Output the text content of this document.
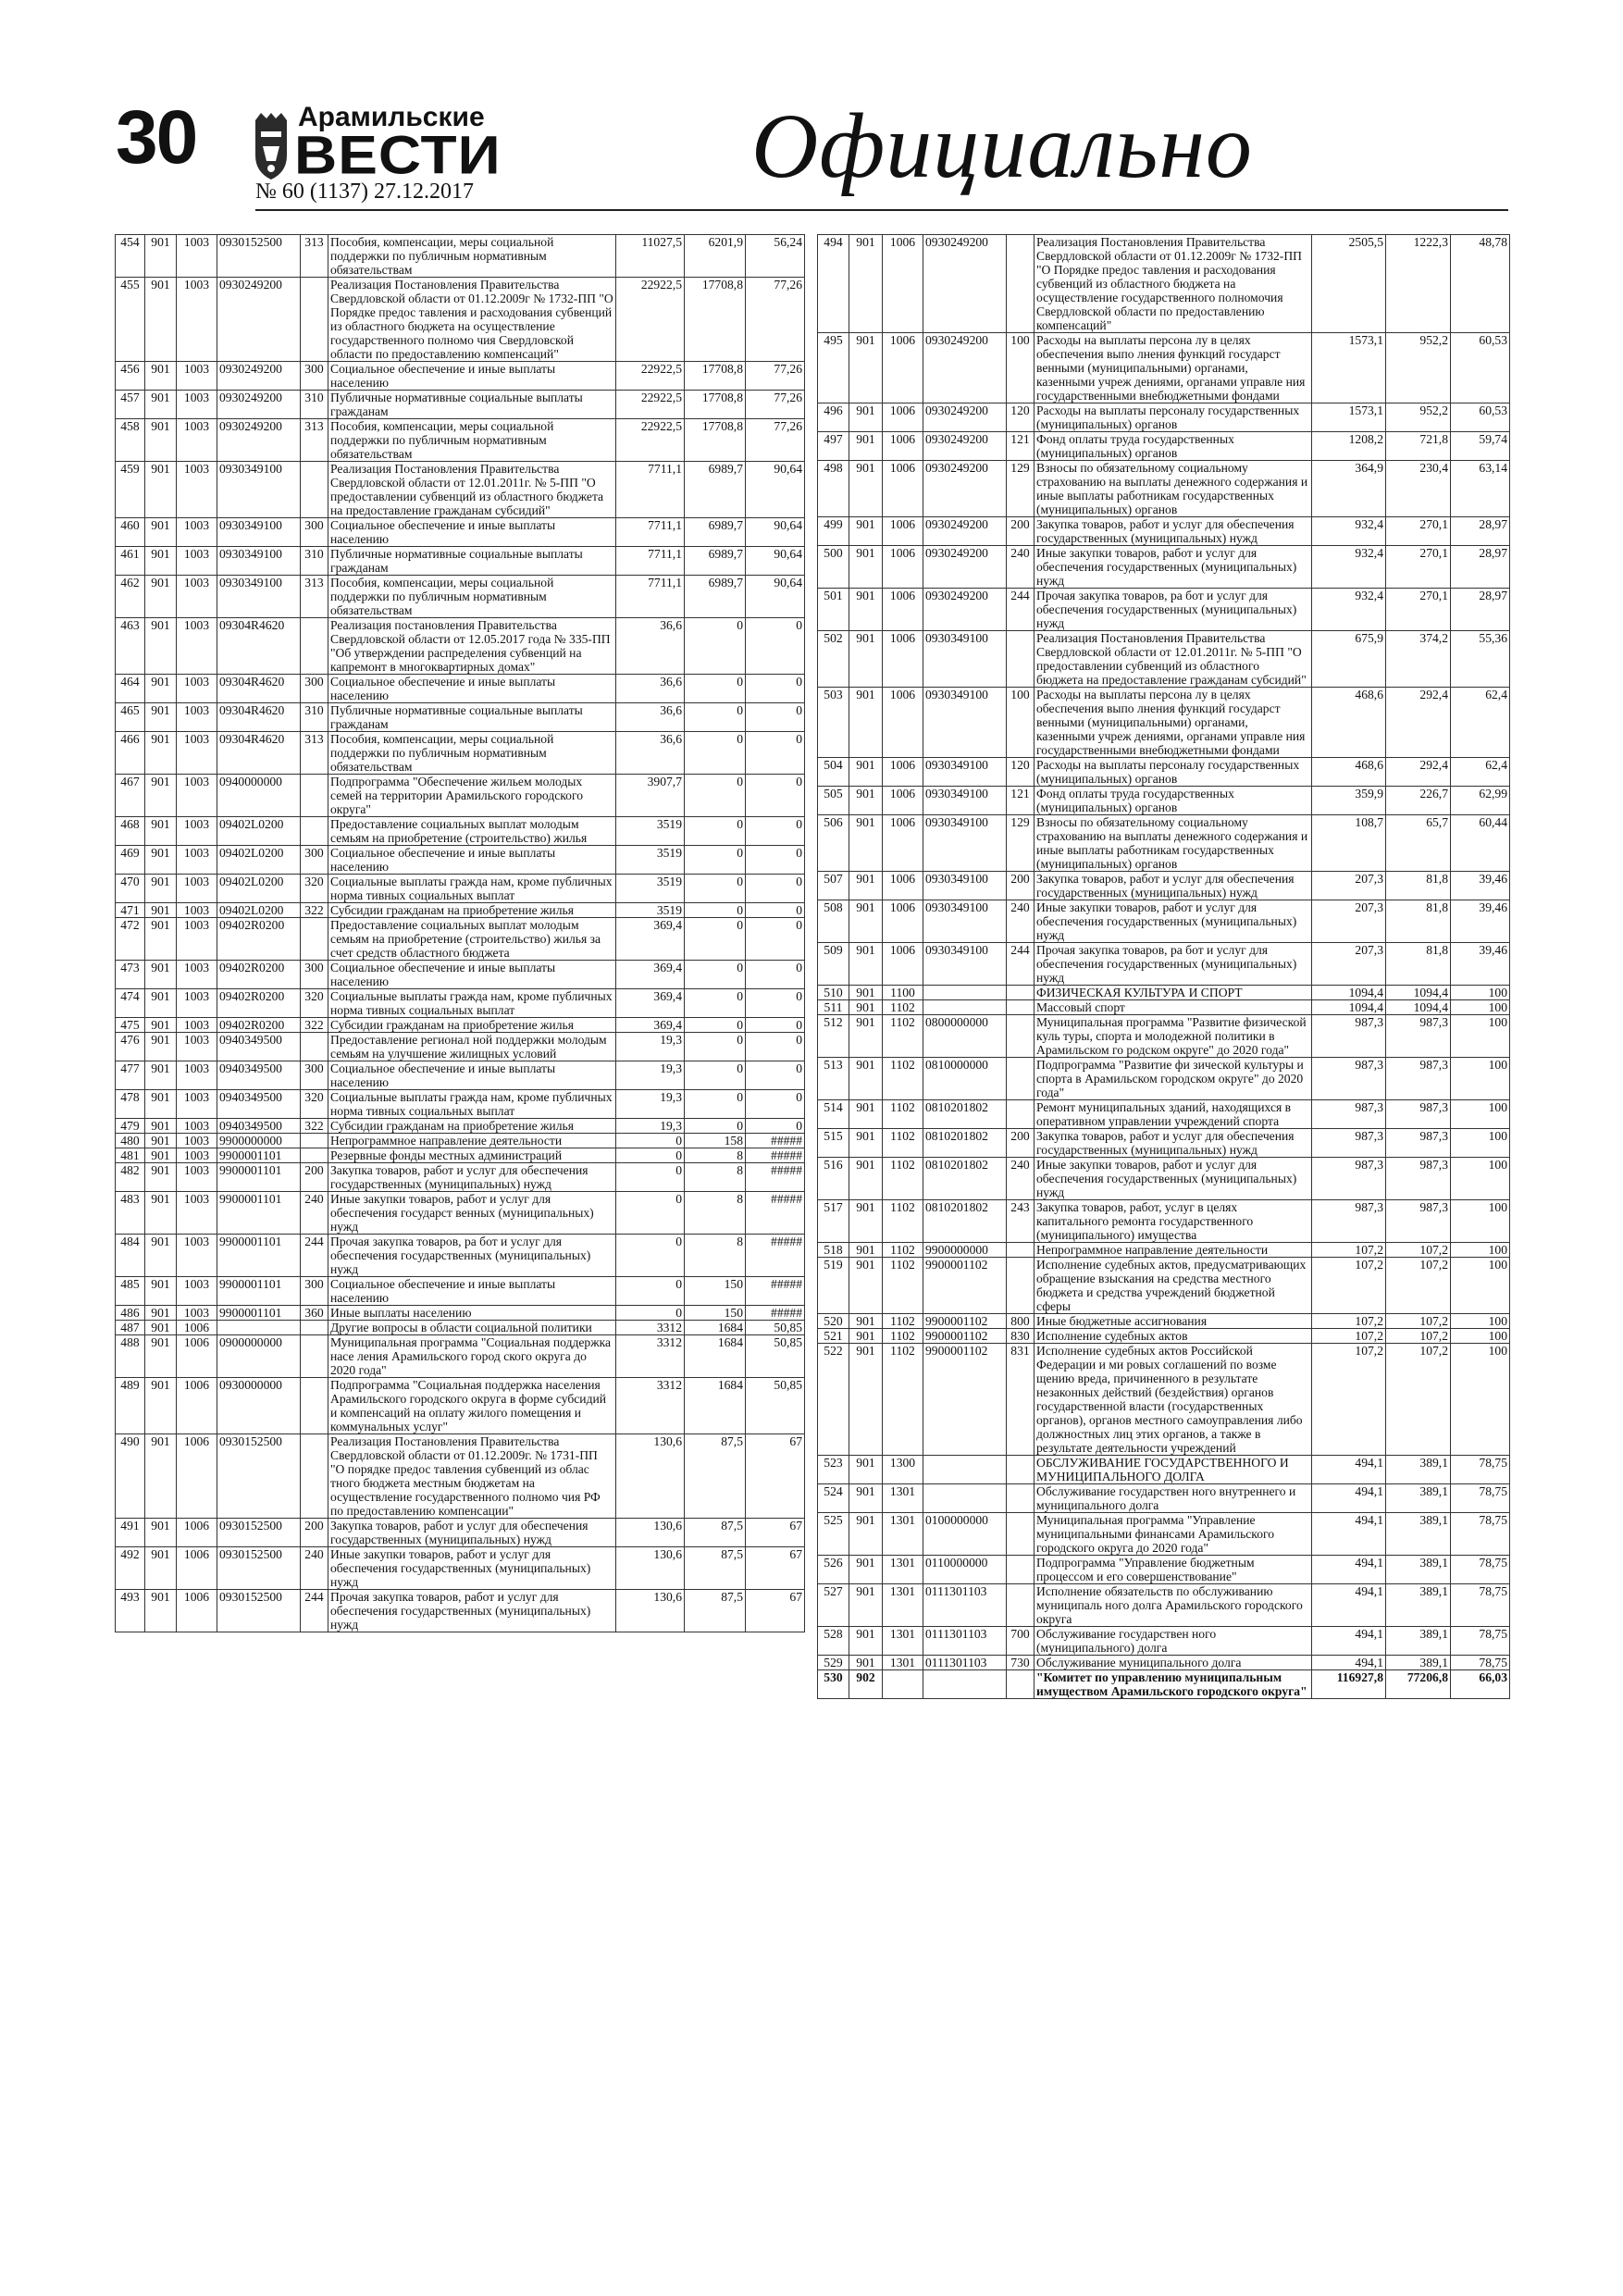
30	Арамильские
ВЕСТИ
№ 60 (1137) 27.12.2017	Официально
454	901	1003	0930152500	313	Пособия, компенсации, меры социальной поддержки по публичным нормативным обязательствам	11027,5	6201,9	56,24
455	901	1003	0930249200		Реализация Постановления Правительства Свердловской области от 01.12.2009г № 1732-ПП "О Порядке предос тавления и расходования субвенций из областного бюджета на осуществление государственного полномо чия Свердловской области по предоставлению компенсаций"	22922,5	17708,8	77,26
456	901	1003	0930249200	300	Социальное обеспечение и иные выплаты населению	22922,5	17708,8	77,26
457	901	1003	0930249200	310	Публичные нормативные социальные выплаты гражданам	22922,5	17708,8	77,26
458	901	1003	0930249200	313	Пособия, компенсации, меры социальной поддержки по публичным нормативным обязательствам	22922,5	17708,8	77,26
459	901	1003	0930349100		Реализация Постановления Правительства Свердловской области от 12.01.2011г. № 5-ПП "О предоставлении субвенций из областного бюджета на предоставление гражданам субсидий"	7711,1	6989,7	90,64
460	901	1003	0930349100	300	Социальное обеспечение и иные выплаты населению	7711,1	6989,7	90,64
461	901	1003	0930349100	310	Публичные нормативные социальные выплаты гражданам	7711,1	6989,7	90,64
462	901	1003	0930349100	313	Пособия, компенсации, меры социальной поддержки по публичным нормативным обязательствам	7711,1	6989,7	90,64
463	901	1003	09304R4620		Реализация постановления Правительства Свердловской области от 12.05.2017 года № 335-ПП "Об утверждении распределения субвенций на капремонт в многоквартирных домах"	36,6	0	0
464	901	1003	09304R4620	300	Социальное обеспечение и иные выплаты населению	36,6	0	0
465	901	1003	09304R4620	310	Публичные нормативные социальные выплаты гражданам	36,6	0	0
466	901	1003	09304R4620	313	Пособия, компенсации, меры социальной поддержки по публичным нормативным обязательствам	36,6	0	0
467	901	1003	0940000000		Подпрограмма "Обеспечение жильем молодых семей на территории Арамильского городского округа"	3907,7	0	0
468	901	1003	09402L0200		Предоставление социальных выплат молодым семьям на приобретение (строительство) жилья	3519	0	0
469	901	1003	09402L0200	300	Социальное обеспечение и иные выплаты населению	3519	0	0
470	901	1003	09402L0200	320	Социальные выплаты гражда нам, кроме публичных норма тивных социальных выплат	3519	0	0
471	901	1003	09402L0200	322	Субсидии гражданам на приобретение жилья	3519	0	0
472	901	1003	09402R0200		Предоставление социальных выплат молодым семьям на приобретение (строительство) жилья за счет средств областного бюджета	369,4	0	0
473	901	1003	09402R0200	300	Социальное обеспечение и иные выплаты населению	369,4	0	0
474	901	1003	09402R0200	320	Социальные выплаты гражда нам, кроме публичных норма тивных социальных выплат	369,4	0	0
475	901	1003	09402R0200	322	Субсидии гражданам на приобретение жилья	369,4	0	0
476	901	1003	0940349500		Предоставление регионал ной поддержки молодым семьям на улучшение жилищных условий	19,3	0	0
477	901	1003	0940349500	300	Социальное обеспечение и иные выплаты населению	19,3	0	0
478	901	1003	0940349500	320	Социальные выплаты гражда нам, кроме публичных норма тивных социальных выплат	19,3	0	0
479	901	1003	0940349500	322	Субсидии гражданам на приобретение жилья	19,3	0	0
480	901	1003	9900000000		Непрограммное направление деятельности	0	158	#####
481	901	1003	9900001101		Резервные фонды местных администраций	0	8	#####
482	901	1003	9900001101	200	Закупка товаров, работ и услуг для обеспечения государственных (муниципальных) нужд	0	8	#####
483	901	1003	9900001101	240	Иные закупки товаров, работ и услуг для обеспечения государст венных (муниципальных) нужд	0	8	#####
484	901	1003	9900001101	244	Прочая закупка товаров, ра бот и услуг для обеспечения государственных (муниципальных) нужд	0	8	#####
485	901	1003	9900001101	300	Социальное обеспечение и иные выплаты населению	0	150	#####
486	901	1003	9900001101	360	Иные выплаты населению	0	150	#####
487	901	1006			Другие вопросы в области социальной политики	3312	1684	50,85
488	901	1006	0900000000		Муниципальная программа "Социальная поддержка насе ления Арамильского город ского округа до 2020 года"	3312	1684	50,85
489	901	1006	0930000000		Подпрограмма "Социальная поддержка населения Арамильского городского округа в форме субсидий и компенсаций на оплату жилого помещения и коммунальных услуг"	3312	1684	50,85
490	901	1006	0930152500		Реализация Постановления Правительства Свердловской области от 01.12.2009г. № 1731-ПП "О порядке предос тавления субвенций из облас тного бюджета местным бюджетам на осуществление государственного полномо чия РФ по предоставлению компенсации"	130,6	87,5	67
491	901	1006	0930152500	200	Закупка товаров, работ и услуг для обеспечения государственных (муниципальных) нужд	130,6	87,5	67
492	901	1006	0930152500	240	Иные закупки товаров, работ и услуг для обеспечения государственных (муниципальных) нужд	130,6	87,5	67
493	901	1006	0930152500	244	Прочая закупка товаров, работ и услуг для обеспечения государственных (муниципальных) нужд	130,6	87,5	67
494	901	1006	0930249200		Реализация Постановления Правительства Свердловской области от 01.12.2009г № 1732-ПП "О Порядке предос тавления и расходования субвенций из областного бюджета на осуществление государственного полномочия Свердловской области по предоставлению компенсаций"	2505,5	1222,3	48,78
495	901	1006	0930249200	100	Расходы на выплаты персона лу в целях обеспечения выпо лнения функций государст венными (муниципальными) органами, казенными учреж дениями, органами управле ния государственными внебюджетными фондами	1573,1	952,2	60,53
496	901	1006	0930249200	120	Расходы на выплаты персоналу государственных (муниципальных) органов	1573,1	952,2	60,53
497	901	1006	0930249200	121	Фонд оплаты труда государственных (муниципальных) органов	1208,2	721,8	59,74
498	901	1006	0930249200	129	Взносы по обязательному социальному страхованию на выплаты денежного содержания и иные выплаты работникам государственных (муниципальных) органов	364,9	230,4	63,14
499	901	1006	0930249200	200	Закупка товаров, работ и услуг для обеспечения государственных (муниципальных) нужд	932,4	270,1	28,97
500	901	1006	0930249200	240	Иные закупки товаров, работ и услуг для обеспечения государственных (муниципальных) нужд	932,4	270,1	28,97
501	901	1006	0930249200	244	Прочая закупка товаров, ра бот и услуг для обеспечения государственных (муниципальных) нужд	932,4	270,1	28,97
502	901	1006	0930349100		Реализация Постановления Правительства Свердловской области от 12.01.2011г. № 5-ПП "О предоставлении субвенций из областного бюджета на предоставление гражданам субсидий"	675,9	374,2	55,36
503	901	1006	0930349100	100	Расходы на выплаты персона лу в целях обеспечения выпо лнения функций государст венными (муниципальными) органами, казенными учреж дениями, органами управле ния государственными внебюджетными фондами	468,6	292,4	62,4
504	901	1006	0930349100	120	Расходы на выплаты персоналу государственных (муниципальных) органов	468,6	292,4	62,4
505	901	1006	0930349100	121	Фонд оплаты труда государственных (муниципальных) органов	359,9	226,7	62,99
506	901	1006	0930349100	129	Взносы по обязательному социальному страхованию на выплаты денежного содержания и иные выплаты работникам государственных (муниципальных) органов	108,7	65,7	60,44
507	901	1006	0930349100	200	Закупка товаров, работ и услуг для обеспечения государственных (муниципальных) нужд	207,3	81,8	39,46
508	901	1006	0930349100	240	Иные закупки товаров, работ и услуг для обеспечения государственных (муниципальных) нужд	207,3	81,8	39,46
509	901	1006	0930349100	244	Прочая закупка товаров, ра бот и услуг для обеспечения государственных (муниципальных) нужд	207,3	81,8	39,46
510	901	1100			ФИЗИЧЕСКАЯ КУЛЬТУРА И СПОРТ	1094,4	1094,4	100
511	901	1102			Массовый спорт	1094,4	1094,4	100
512	901	1102	0800000000		Муниципальная программа "Развитие физической куль туры, спорта и молодежной политики в Арамильском го родском округе" до 2020 года"	987,3	987,3	100
513	901	1102	0810000000		Подпрограмма "Развитие фи зической культуры и спорта в Арамильском городском округе" до 2020 года"	987,3	987,3	100
514	901	1102	0810201802		Ремонт муниципальных зданий, находящихся в оперативном управлении учреждений спорта	987,3	987,3	100
515	901	1102	0810201802	200	Закупка товаров, работ и услуг для обеспечения государственных (муниципальных) нужд	987,3	987,3	100
516	901	1102	0810201802	240	Иные закупки товаров, работ и услуг для обеспечения государственных (муниципальных) нужд	987,3	987,3	100
517	901	1102	0810201802	243	Закупка товаров, работ, услуг в целях капитального ремонта государственного (муниципального) имущества	987,3	987,3	100
518	901	1102	9900000000		Непрограммное направление деятельности	107,2	107,2	100
519	901	1102	9900001102		Исполнение судебных актов, предусматривающих обращение взыскания на средства местного бюджета и средства учреждений бюджетной сферы	107,2	107,2	100
520	901	1102	9900001102	800	Иные бюджетные ассигнования	107,2	107,2	100
521	901	1102	9900001102	830	Исполнение судебных актов	107,2	107,2	100
522	901	1102	9900001102	831	Исполнение судебных актов Российской Федерации и ми ровых соглашений по возме щению вреда, причиненного в результате незаконных действий (бездействия) органов государственной власти (государственных органов), органов местного самоуправления либо должностных лиц этих органов, а также в результате деятельности учреждений	107,2	107,2	100
523	901	1300			ОБСЛУЖИВАНИЕ ГОСУДАРСТВЕННОГО И МУНИЦИПАЛЬНОГО ДОЛГА	494,1	389,1	78,75
524	901	1301			Обслуживание государствен ного внутреннего и муниципального долга	494,1	389,1	78,75
525	901	1301	0100000000		Муниципальная программа "Управление муниципальными финансами Арамильского городского округа до 2020 года"	494,1	389,1	78,75
526	901	1301	0110000000		Подпрограмма "Управление бюджетным процессом и его совершенствование"	494,1	389,1	78,75
527	901	1301	0111301103		Исполнение обязательств по обслуживанию муниципаль ного долга Арамильского городского округа	494,1	389,1	78,75
528	901	1301	0111301103	700	Обслуживание государствен ного (муниципального) долга	494,1	389,1	78,75
529	901	1301	0111301103	730	Обслуживание муниципального долга	494,1	389,1	78,75
530	902				"Комитет по управлению муниципальным имуществом Арамильского городского округа"	116927,8	77206,8	66,03
